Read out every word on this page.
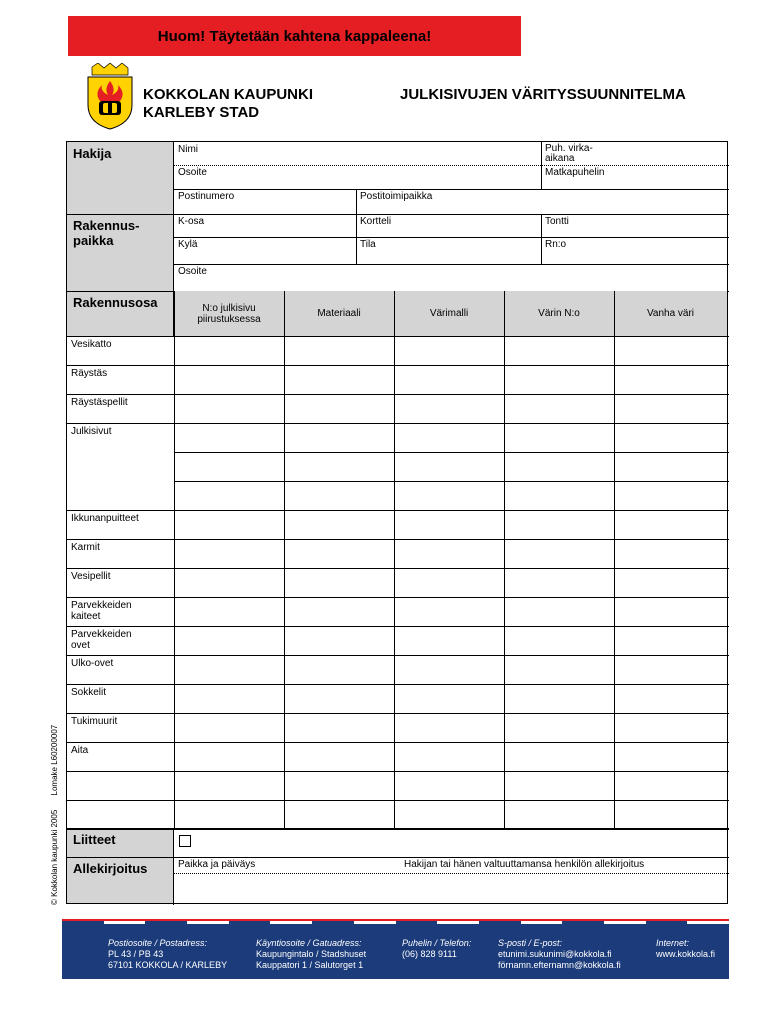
Huom! Täytetään kahtena kappaleena!
KOKKOLAN KAUPUNKI
KARLEBY STAD
JULKISIVUJEN VÄRITYSSUUNNITELMA
© Kokkolan kaupunki 2005 Lomake L60200007
Hakija
Rakennus-
paikka
Rakennusosa
Liitteet
Allekirjoitus
Nimi	Puh. virka-
aikana
Osoite	Matkapuhelin
Postinumero	Postitoimipaikka
K-osa	Kortteli	Tontti
Kylä	Tila	Rn:o
Osoite
N:o julkisivu
piirustuksessa	Materiaali	Värimalli	Värin N:o	Vanha väri
Vesikatto
Räystäs
Räystäspellit
Julkisivut
Ikkunanpuitteet
Karmit
Vesipellit
Parvekkeiden
kaiteet
Parvekkeiden
ovet
Ulko-ovet
Sokkelit
Tukimuurit
Aita
Paikka ja päiväys	Hakijan tai hänen valtuuttamansa henkilön allekirjoitus
Postiosoite / Postadress:
PL 43 / PB 43
67101 KOKKOLA / KARLEBY
Käyntiosoite / Gatuadress:
Kaupungintalo / Stadshuset
Kauppatori 1 / Salutorget 1
Puhelin / Telefon:
(06) 828 9111
S-posti / E-post:
etunimi.sukunimi@kokkola.fi
förnamn.efternamn@kokkola.fi
Internet:
www.kokkola.fi
